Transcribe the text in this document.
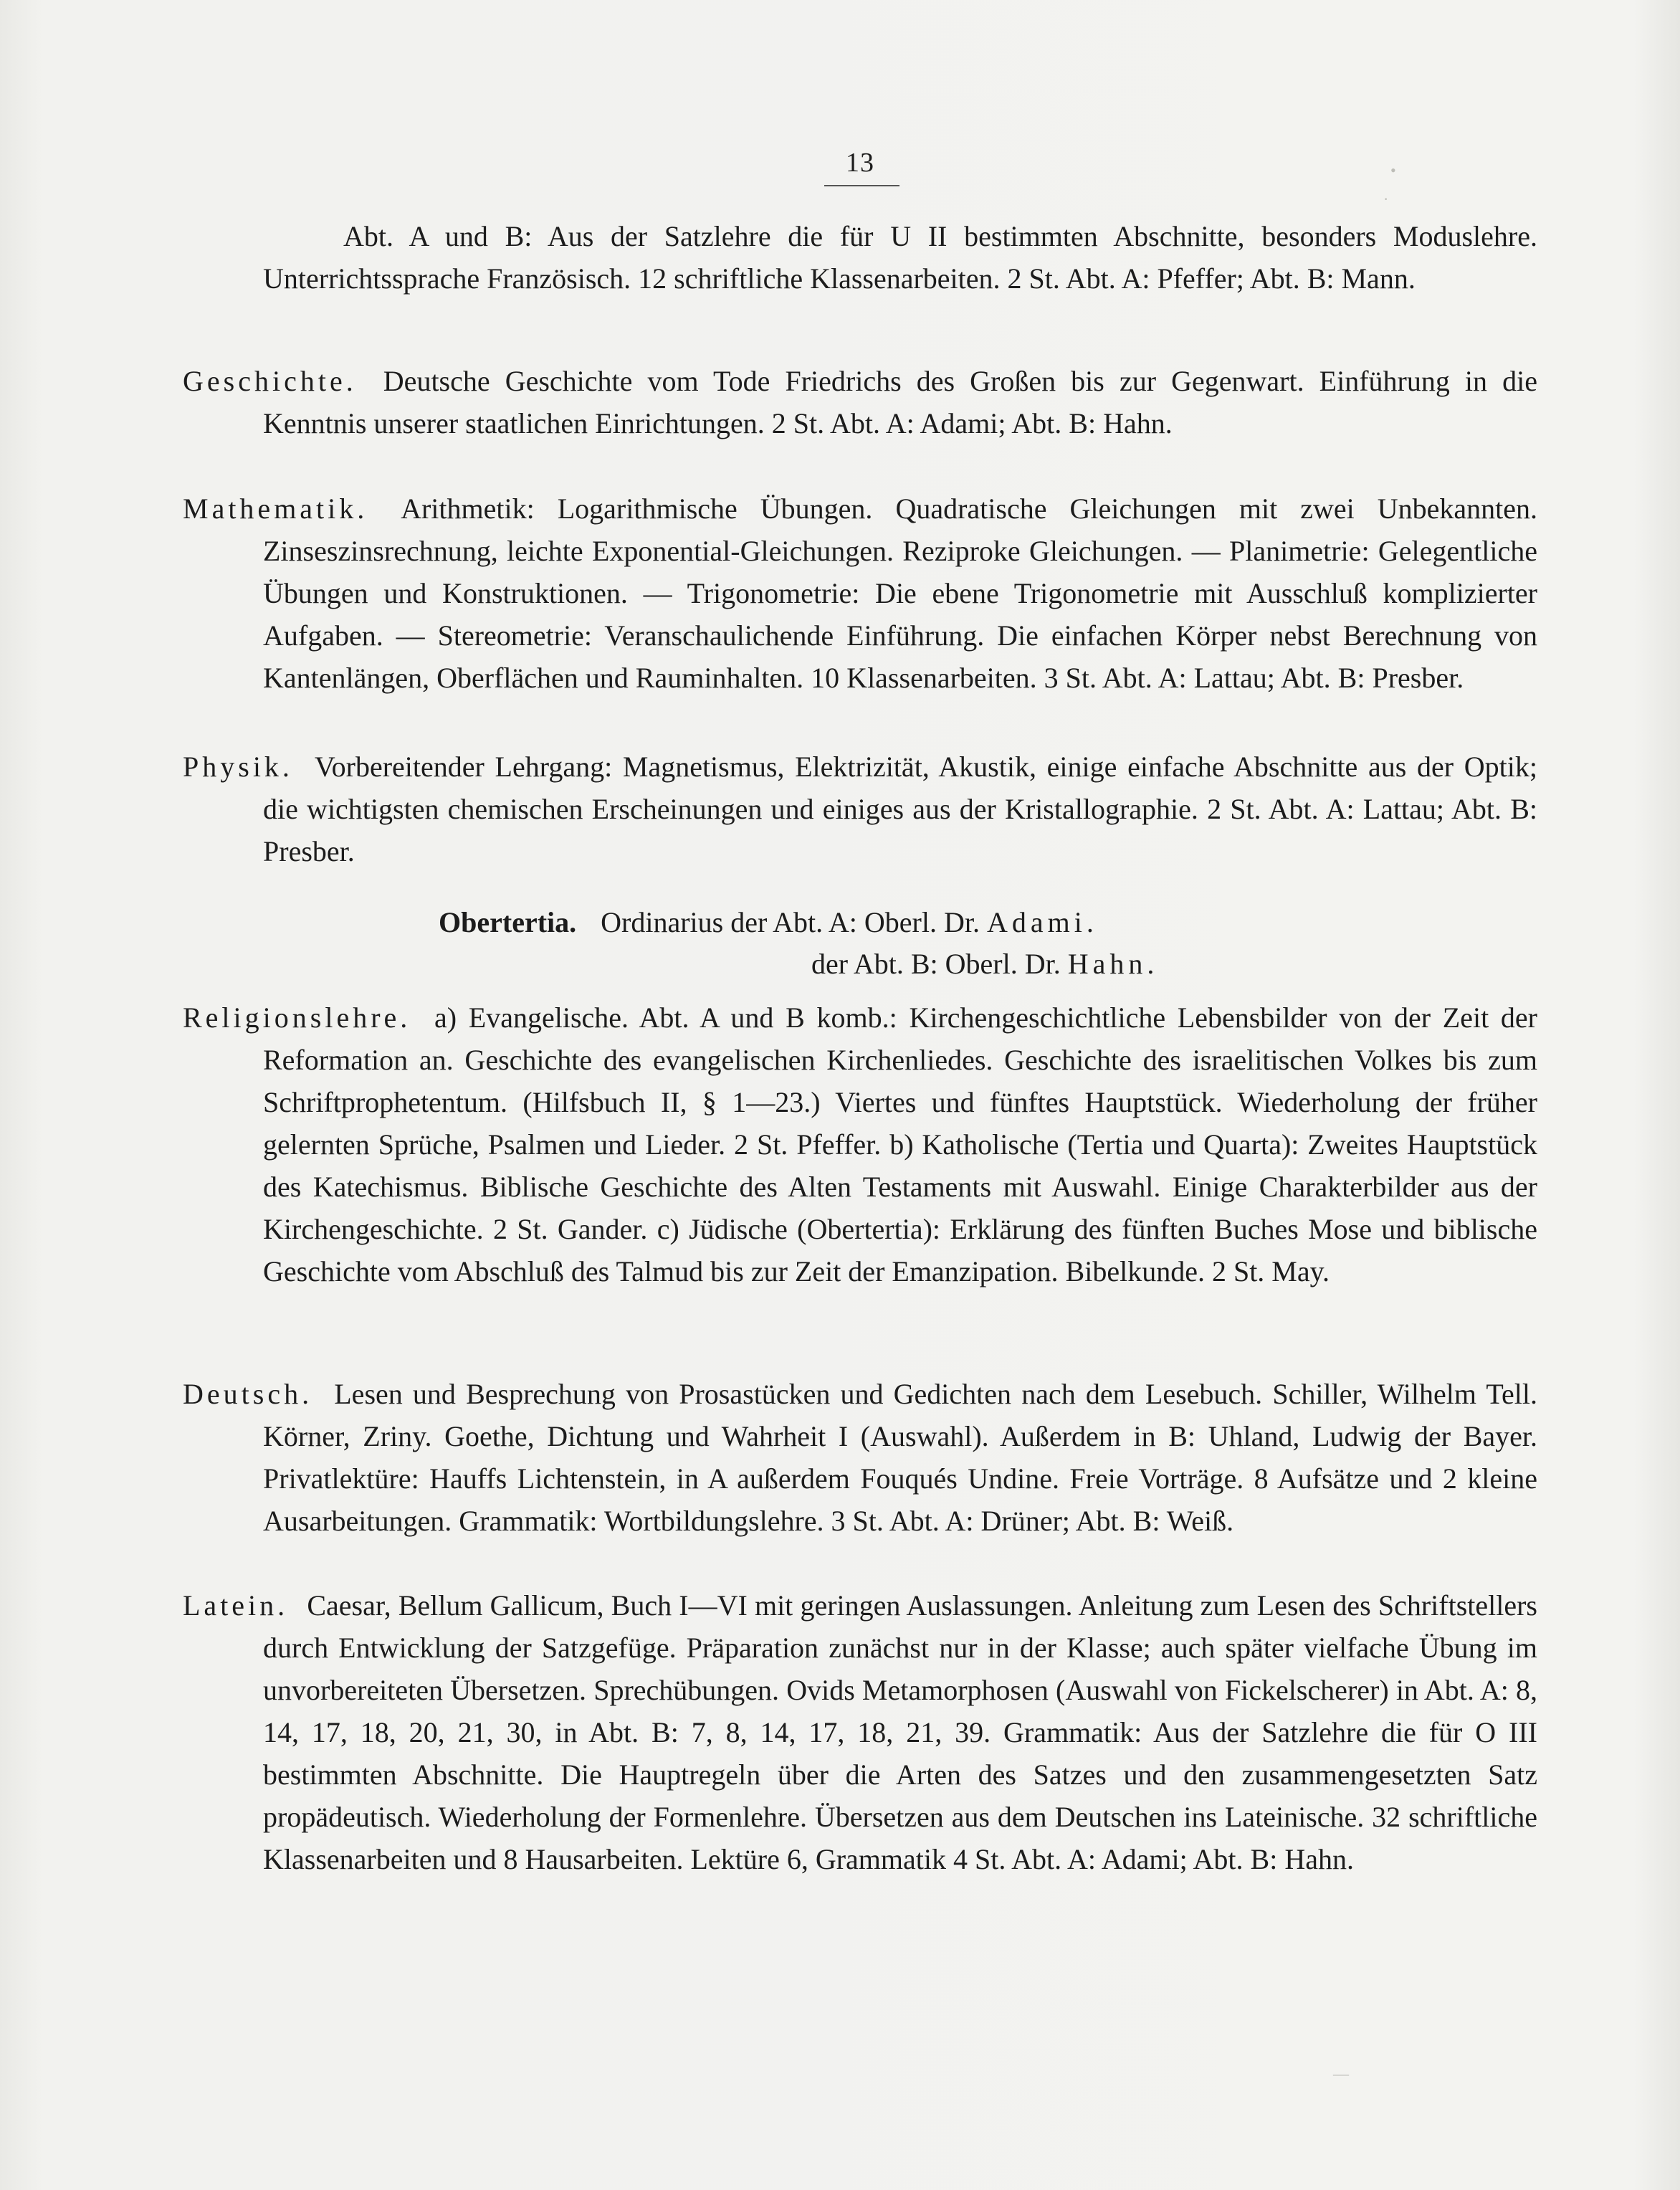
13
Abt. A und B: Aus der Satzlehre die für U II bestimmten Abschnitte, besonders Moduslehre. Unterrichtssprache Französisch. 12 schriftliche Klassenarbeiten. 2 St. Abt. A: Pfeffer; Abt. B: Mann.
Geschichte. Deutsche Geschichte vom Tode Friedrichs des Großen bis zur Gegenwart. Einführung in die Kenntnis unserer staatlichen Einrichtungen. 2 St. Abt. A: Adami; Abt. B: Hahn.
Mathematik. Arithmetik: Logarithmische Übungen. Quadratische Gleichungen mit zwei Unbekannten. Zinseszinsrechnung, leichte Exponential-Gleichungen. Reziproke Gleichungen. — Planimetrie: Gelegentliche Übungen und Konstruktionen. — Trigonometrie: Die ebene Trigonometrie mit Ausschluß komplizierter Aufgaben. — Stereometrie: Veranschaulichende Einführung. Die einfachen Körper nebst Berechnung von Kantenlängen, Oberflächen und Rauminhalten. 10 Klassenarbeiten. 3 St. Abt. A: Lattau; Abt. B: Presber.
Physik. Vorbereitender Lehrgang: Magnetismus, Elektrizität, Akustik, einige einfache Abschnitte aus der Optik; die wichtigsten chemischen Erscheinungen und einiges aus der Kristallographie. 2 St. Abt. A: Lattau; Abt. B: Presber.
Obertertia. Ordinarius der Abt. A: Oberl. Dr. Adami.
der Abt. B: Oberl. Dr. Hahn.
Religionslehre. a) Evangelische. Abt. A und B komb.: Kirchengeschichtliche Lebensbilder von der Zeit der Reformation an. Geschichte des evangelischen Kirchenliedes. Geschichte des israelitischen Volkes bis zum Schriftprophetentum. (Hilfsbuch II, § 1—23.) Viertes und fünftes Hauptstück. Wiederholung der früher gelernten Sprüche, Psalmen und Lieder. 2 St. Pfeffer. b) Katholische (Tertia und Quarta): Zweites Hauptstück des Katechismus. Biblische Geschichte des Alten Testaments mit Auswahl. Einige Charakterbilder aus der Kirchengeschichte. 2 St. Gander. c) Jüdische (Obertertia): Erklärung des fünften Buches Mose und biblische Geschichte vom Abschluß des Talmud bis zur Zeit der Emanzipation. Bibelkunde. 2 St. May.
Deutsch. Lesen und Besprechung von Prosastücken und Gedichten nach dem Lesebuch. Schiller, Wilhelm Tell. Körner, Zriny. Goethe, Dichtung und Wahrheit I (Auswahl). Außerdem in B: Uhland, Ludwig der Bayer. Privatlektüre: Hauffs Lichtenstein, in A außerdem Fouqués Undine. Freie Vorträge. 8 Aufsätze und 2 kleine Ausarbeitungen. Grammatik: Wortbildungslehre. 3 St. Abt. A: Drüner; Abt. B: Weiß.
Latein. Caesar, Bellum Gallicum, Buch I—VI mit geringen Auslassungen. Anleitung zum Lesen des Schriftstellers durch Entwicklung der Satzgefüge. Präparation zunächst nur in der Klasse; auch später vielfache Übung im unvorbereiteten Übersetzen. Sprechübungen. Ovids Metamorphosen (Auswahl von Fickelscherer) in Abt. A: 8, 14, 17, 18, 20, 21, 30, in Abt. B: 7, 8, 14, 17, 18, 21, 39. Grammatik: Aus der Satzlehre die für O III bestimmten Abschnitte. Die Hauptregeln über die Arten des Satzes und den zusammengesetzten Satz propädeutisch. Wiederholung der Formenlehre. Übersetzen aus dem Deutschen ins Lateinische. 32 schriftliche Klassenarbeiten und 8 Hausarbeiten. Lektüre 6, Grammatik 4 St. Abt. A: Adami; Abt. B: Hahn.
•
·
—
